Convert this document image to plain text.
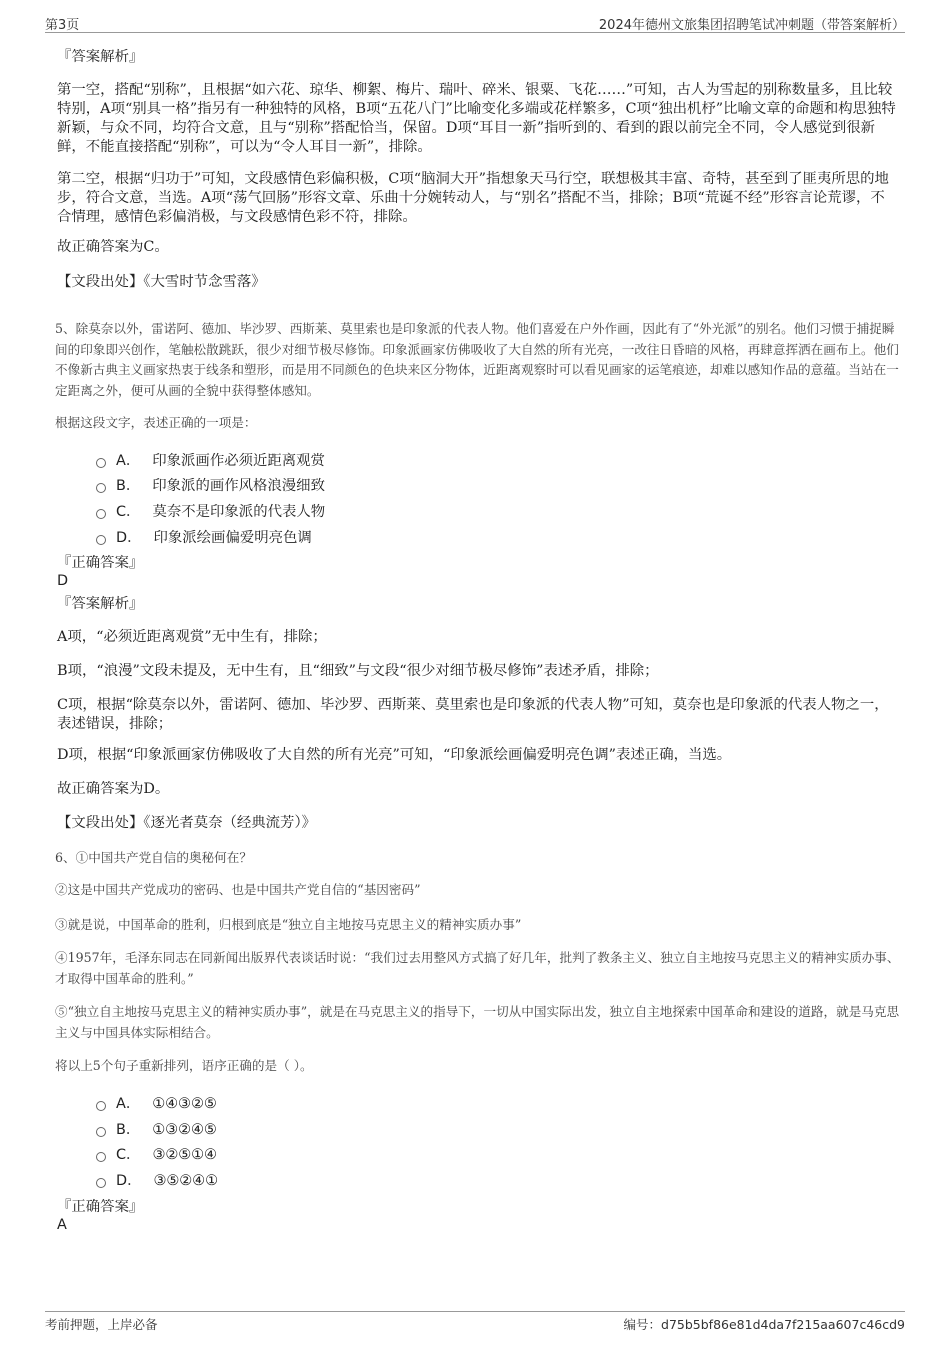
第3页	2024年德州文旅集团招聘笔试冲刺题（带答案解析）
『答案解析』
第一空，搭配“别称”，且根据“如六花、琼华、柳絮、梅片、瑞叶、碎米、银粟、飞花……”可知，古人为雪起的别称数量多，且比较特别，A项“别具一格”指另有一种独特的风格，B项“五花八门”比喻变化多端或花样繁多，C项“独出机杼”比喻文章的命题和构思独特新颖，与众不同，均符合文意，且与“别称”搭配恰当，保留。D项“耳目一新”指听到的、看到的跟以前完全不同，令人感觉到很新鲜，不能直接搭配“别称”，可以为“令人耳目一新”，排除。
第二空，根据“归功于”可知，文段感情色彩偏积极，C项“脑洞大开”指想象天马行空，联想极其丰富、奇特，甚至到了匪夷所思的地步，符合文意，当选。A项“荡气回肠”形容文章、乐曲十分婉转动人，与“别名”搭配不当，排除；B项“荒诞不经”形容言论荒谬，不合情理，感情色彩偏消极，与文段感情色彩不符，排除。
故正确答案为C。
【文段出处】《大雪时节念雪落》
5、除莫奈以外，雷诺阿、德加、毕沙罗、西斯莱、莫里索也是印象派的代表人物。他们喜爱在户外作画，因此有了“外光派”的别名。他们习惯于捕捉瞬间的印象即兴创作，笔触松散跳跃，很少对细节极尽修饰。印象派画家仿佛吸收了大自然的所有光亮，一改往日昏暗的风格，再肆意挥洒在画布上。他们不像新古典主义画家热衷于线条和塑形，而是用不同颜色的色块来区分物体，近距离观察时可以看见画家的运笔痕迹，却难以感知作品的意蕴。当站在一定距离之外，便可从画的全貌中获得整体感知。
根据这段文字，表述正确的一项是：
A． 印象派画作必须近距离观赏
B． 印象派的画作风格浪漫细致
C． 莫奈不是印象派的代表人物
D． 印象派绘画偏爱明亮色调
『正确答案』
D
『答案解析』
A项，“必须近距离观赏”无中生有，排除；
B项，“浪漫”文段未提及，无中生有，且“细致”与文段“很少对细节极尽修饰”表述矛盾，排除；
C项，根据“除莫奈以外，雷诺阿、德加、毕沙罗、西斯莱、莫里索也是印象派的代表人物”可知，莫奈也是印象派的代表人物之一，表述错误，排除；
D项，根据“印象派画家仿佛吸收了大自然的所有光亮”可知，“印象派绘画偏爱明亮色调”表述正确，当选。
故正确答案为D。
【文段出处】《逐光者莫奈（经典流芳）》
6、①中国共产党自信的奥秘何在？
②这是中国共产党成功的密码、也是中国共产党自信的“基因密码”
③就是说，中国革命的胜利，归根到底是“独立自主地按马克思主义的精神实质办事”
④1957年，毛泽东同志在同新闻出版界代表谈话时说：“我们过去用整风方式搞了好几年，批判了教条主义、独立自主地按马克思主义的精神实质办事、才取得中国革命的胜利。”
⑤“独立自主地按马克思主义的精神实质办事”，就是在马克思主义的指导下，一切从中国实际出发，独立自主地探索中国革命和建设的道路，就是马克思主义与中国具体实际相结合。
将以上5个句子重新排列，语序正确的是（ ）。
A． ①④③②⑤
B． ①③②④⑤
C． ③②⑤①④
D． ③⑤②④①
『正确答案』
A
考前押题，上岸必备	编号：d75b5bf86e81d4da7f215aa607c46cd9
